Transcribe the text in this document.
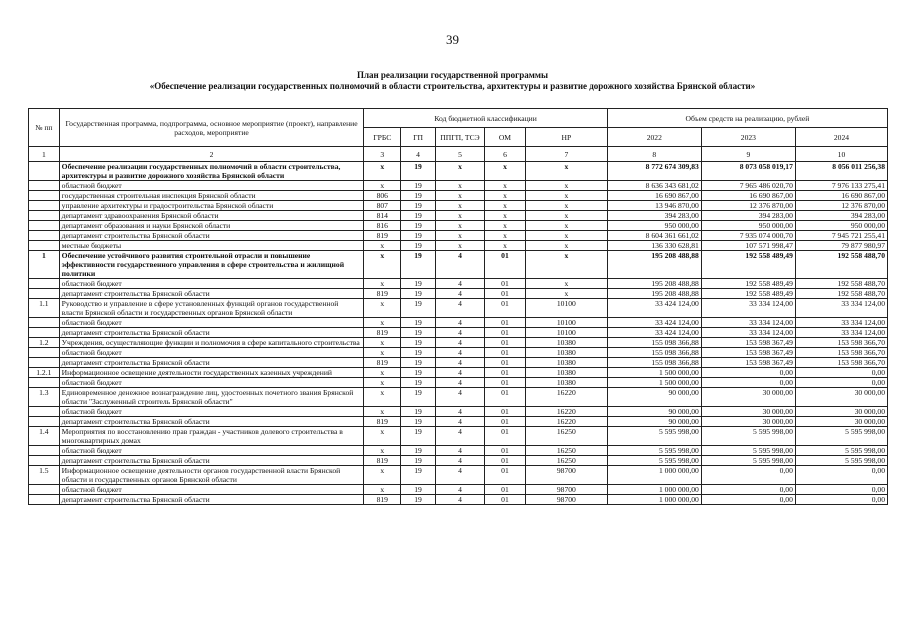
39
План реализации государственной программы
«Обеспечение реализации государственных полномочий в области строительства, архитектуры и развитие дорожного хозяйства Брянской области»
№ пп	Государственная программа, подпрограмма, основное мероприятие (проект), направление расходов, мероприятие	Код бюджетной классификации					Объем средств на реализацию, рублей		
		ГРБС	ГП	ППГП, ТСЭ	ОМ	НР	2022	2023	2024
1	2	3	4	5	6	7	8	9	10
	Обеспечение реализации государственных полномочий в области строительства, архитектуры и развитие дорожного хозяйства Брянской области	х	19	х	х	х	8 772 674 309,83	8 073 058 019,17	8 056 011 256,38
	областной бюджет	х	19	х	х	х	8 636 343 681,02	7 965 486 020,70	7 976 133 275,41
	государственная строительная инспекция Брянской области	806	19	х	х	х	16 690 867,00	16 690 867,00	16 690 867,00
	управление архитектуры и градостроительства Брянской области	807	19	х	х	х	13 946 870,00	12 376 870,00	12 376 870,00
	департамент здравоохранения Брянской области	814	19	х	х	х	394 283,00	394 283,00	394 283,00
	департамент образования и науки Брянской области	816	19	х	х	х	950 000,00	950 000,00	950 000,00
	департамент строительства Брянской области	819	19	х	х	х	8 604 361 661,02	7 935 074 000,70	7 945 721 255,41
	местные бюджеты	х	19	х	х	х	136 330 628,81	107 571 998,47	79 877 980,97
1	Обеспечение устойчивого развития строительной отрасли и повышение эффективности государственного управления в сфере строительства и жилищной политики	х	19	4	01	х	195 208 488,88	192 558 489,49	192 558 488,70
	областной бюджет	х	19	4	01	х	195 208 488,88	192 558 489,49	192 558 488,70
	департамент строительства Брянской области	819	19	4	01	х	195 208 488,88	192 558 489,49	192 558 488,70
1.1	Руководство и управление в сфере установленных функций органов государственной власти Брянской области и государственных органов Брянской области	х	19	4	01	10100	33 424 124,00	33 334 124,00	33 334 124,00
	областной бюджет	х	19	4	01	10100	33 424 124,00	33 334 124,00	33 334 124,00
	департамент строительства Брянской области	819	19	4	01	10100	33 424 124,00	33 334 124,00	33 334 124,00
1.2	Учреждения, осуществляющие функции и полномочия в сфере капитального строительства	х	19	4	01	10380	155 098 366,88	153 598 367,49	153 598 366,70
	областной бюджет	х	19	4	01	10380	155 098 366,88	153 598 367,49	153 598 366,70
	департамент строительства Брянской области	819	19	4	01	10380	155 098 366,88	153 598 367,49	153 598 366,70
1.2.1	Информационное освещение деятельности государственных казенных учреждений	х	19	4	01	10380	1 500 000,00	0,00	0,00
	областной бюджет	х	19	4	01	10380	1 500 000,00	0,00	0,00
1.3	Единовременное денежное вознаграждение лиц, удостоенных почетного звания Брянской области "Заслуженный строитель Брянской области"	х	19	4	01	16220	90 000,00	30 000,00	30 000,00
	областной бюджет	х	19	4	01	16220	90 000,00	30 000,00	30 000,00
	департамент строительства Брянской области	819	19	4	01	16220	90 000,00	30 000,00	30 000,00
1.4	Мероприятия по восстановлению прав граждан - участников долевого строительства в многоквартирных домах	х	19	4	01	16250	5 595 998,00	5 595 998,00	5 595 998,00
	областной бюджет	х	19	4	01	16250	5 595 998,00	5 595 998,00	5 595 998,00
	департамент строительства Брянской области	819	19	4	01	16250	5 595 998,00	5 595 998,00	5 595 998,00
1.5	Информационное освещение деятельности органов государственной власти Брянской области и государственных органов Брянской области	х	19	4	01	98700	1 000 000,00	0,00	0,00
	областной бюджет	х	19	4	01	98700	1 000 000,00	0,00	0,00
	департамент строительства Брянской области	819	19	4	01	98700	1 000 000,00	0,00	0,00
